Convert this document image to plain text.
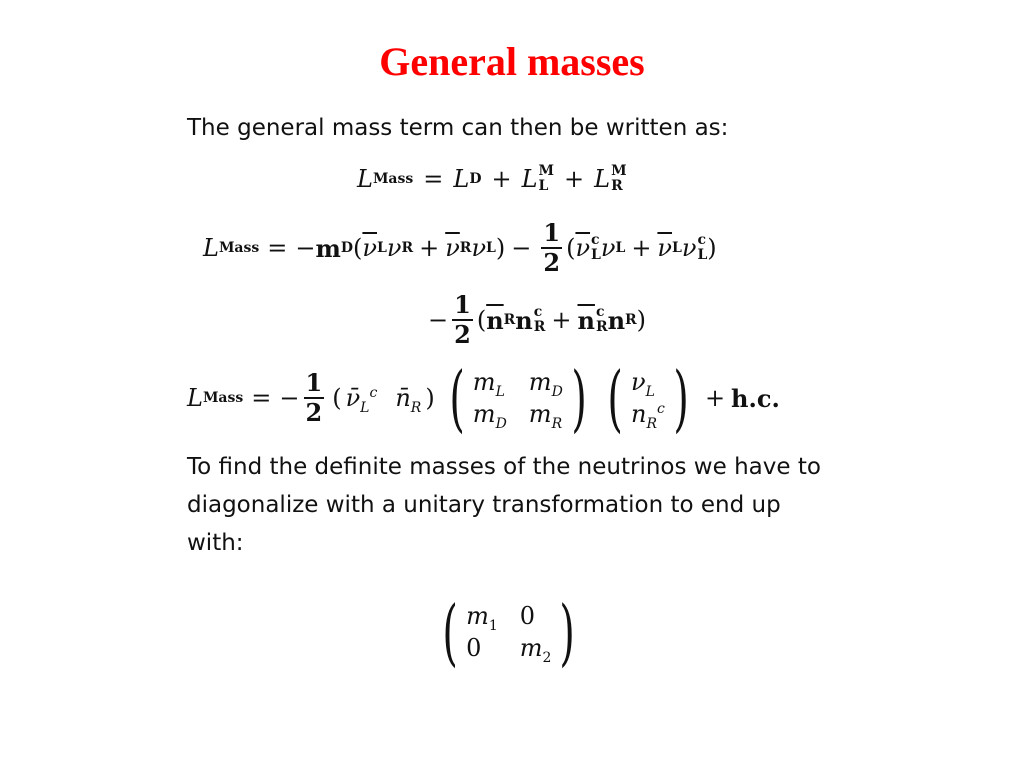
General masses
The general mass term can then be written as:
L Mass = L D + L M
L + L M
R
L Mass = − m D ( $\overline{\nu}$ L ν $R + \overline{\nu}$ R ν L ) − $\frac{1}{2}$ ( $\overline{\nu}$ c
L ν $L + \overline{\nu}$ L ν c
L )
− $\frac{1}{2}$ ( $\overline{n}$ R n c
$R + \overline{n}$ c
R n R )
L Mass = − $\frac{1}{2}$ ( $\nū_L^c$ $n̄_R$ ) ( $m_L$ $m_D$
$m_D$ $m_R$ ) ( $\nu_L$
$n_R^c$ ) + h.c.
To find the definite masses of the neutrinos we have to diagonalize with a unitary transformation to end up with:
( $m_1$ 0
0	$m_2$ )
